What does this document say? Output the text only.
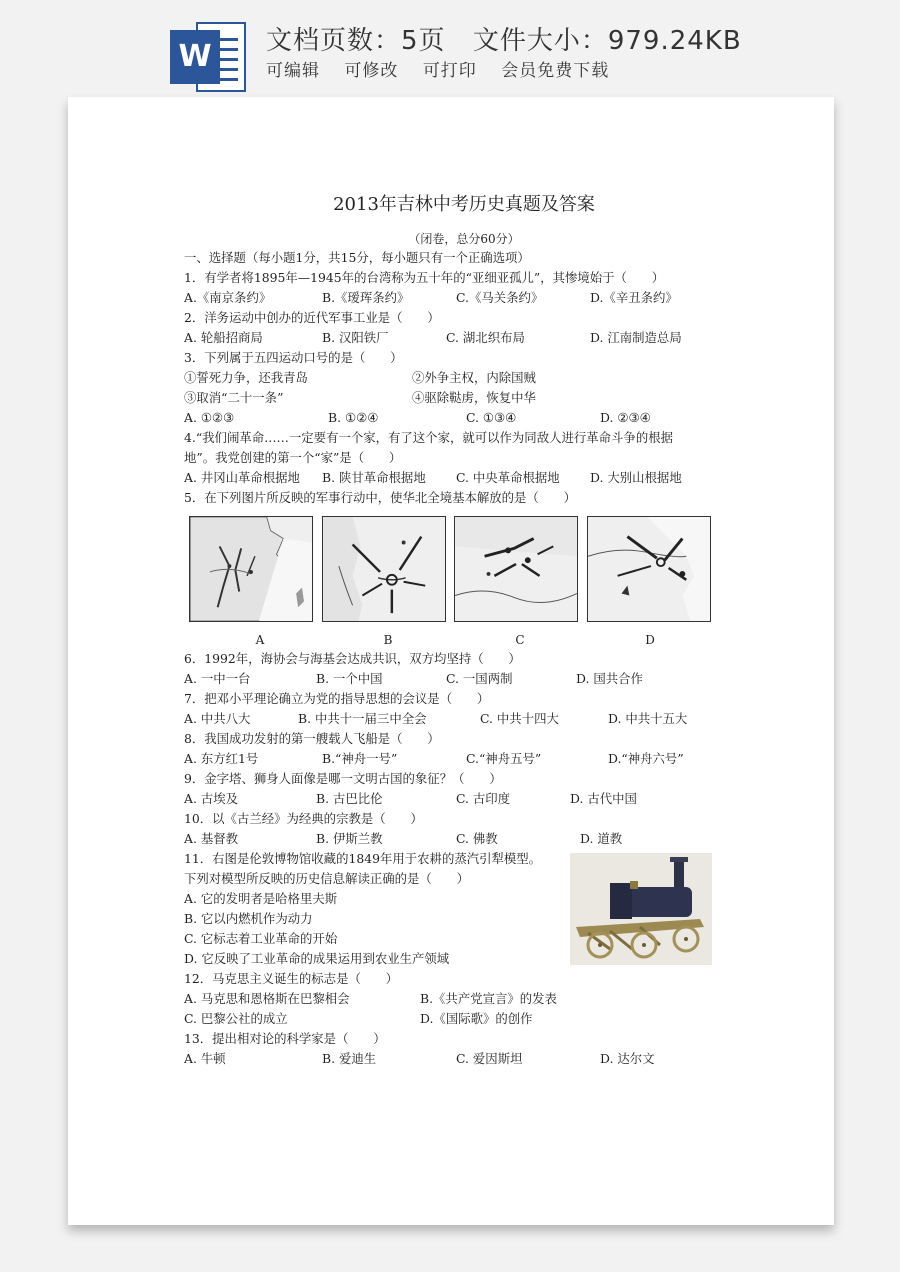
W	文档页数：5页 文件大小：979.24KB
可编辑 可修改 可打印 会员免费下载
2013年吉林中考历史真题及答案
（闭卷，总分60分）
一、选择题（每小题1分，共15分，每小题只有一个正确选项）
1．有学者将1895年—1945年的台湾称为五十年的“亚细亚孤儿”，其惨境始于（　　）
A.《南京条约》	B.《瑷珲条约》	C.《马关条约》	D.《辛丑条约》
2．洋务运动中创办的近代军事工业是（　　）
A. 轮船招商局	B. 汉阳铁厂	C. 湖北织布局	D. 江南制造总局
3．下列属于五四运动口号的是（　　）
①誓死力争，还我青岛	②外争主权，内除国贼
③取消“二十一条”	④驱除鞑虏，恢复中华
A. ①②③	B. ①②④	C. ①③④	D. ②③④
4.“我们闹革命……一定要有一个家，有了这个家，就可以作为同敌人进行革命斗争的根据
地”。我党创建的第一个“家”是（　　）
A. 井冈山革命根据地 B. 陕甘革命根据地 C. 中央革命根据地 D. 大别山根据地
5．在下列图片所反映的军事行动中，使华北全境基本解放的是（　　）
A	B	C	D
6．1992年，海协会与海基会达成共识，双方均坚持（　　）
A. 一中一台	B. 一个中国	C. 一国两制	D. 国共合作
7．把邓小平理论确立为党的指导思想的会议是（　　）
A. 中共八大	B. 中共十一届三中全会	C. 中共十四大	D. 中共十五大
8．我国成功发射的第一艘载人飞船是（　　）
A. 东方红1号	B.“神舟一号”	C.“神舟五号”	D.“神舟六号”
9．金字塔、狮身人面像是哪一文明古国的象征？（　　）
A. 古埃及	B. 古巴比伦	C. 古印度	D. 古代中国
10．以《古兰经》为经典的宗教是（　　）
A. 基督教	B. 伊斯兰教	C. 佛教	D. 道教
11．右图是伦敦博物馆收藏的1849年用于农耕的蒸汽引犁模型。
下列对模型所反映的历史信息解读正确的是（　　）
A. 它的发明者是哈格里夫斯
B. 它以内燃机作为动力
C. 它标志着工业革命的开始
D. 它反映了工业革命的成果运用到农业生产领域
12．马克思主义诞生的标志是（　　）
A. 马克思和恩格斯在巴黎相会	B.《共产党宣言》的发表
C. 巴黎公社的成立	D.《国际歌》的创作
13．提出相对论的科学家是（　　）
A. 牛顿	B. 爱迪生	C. 爱因斯坦	D. 达尔文
